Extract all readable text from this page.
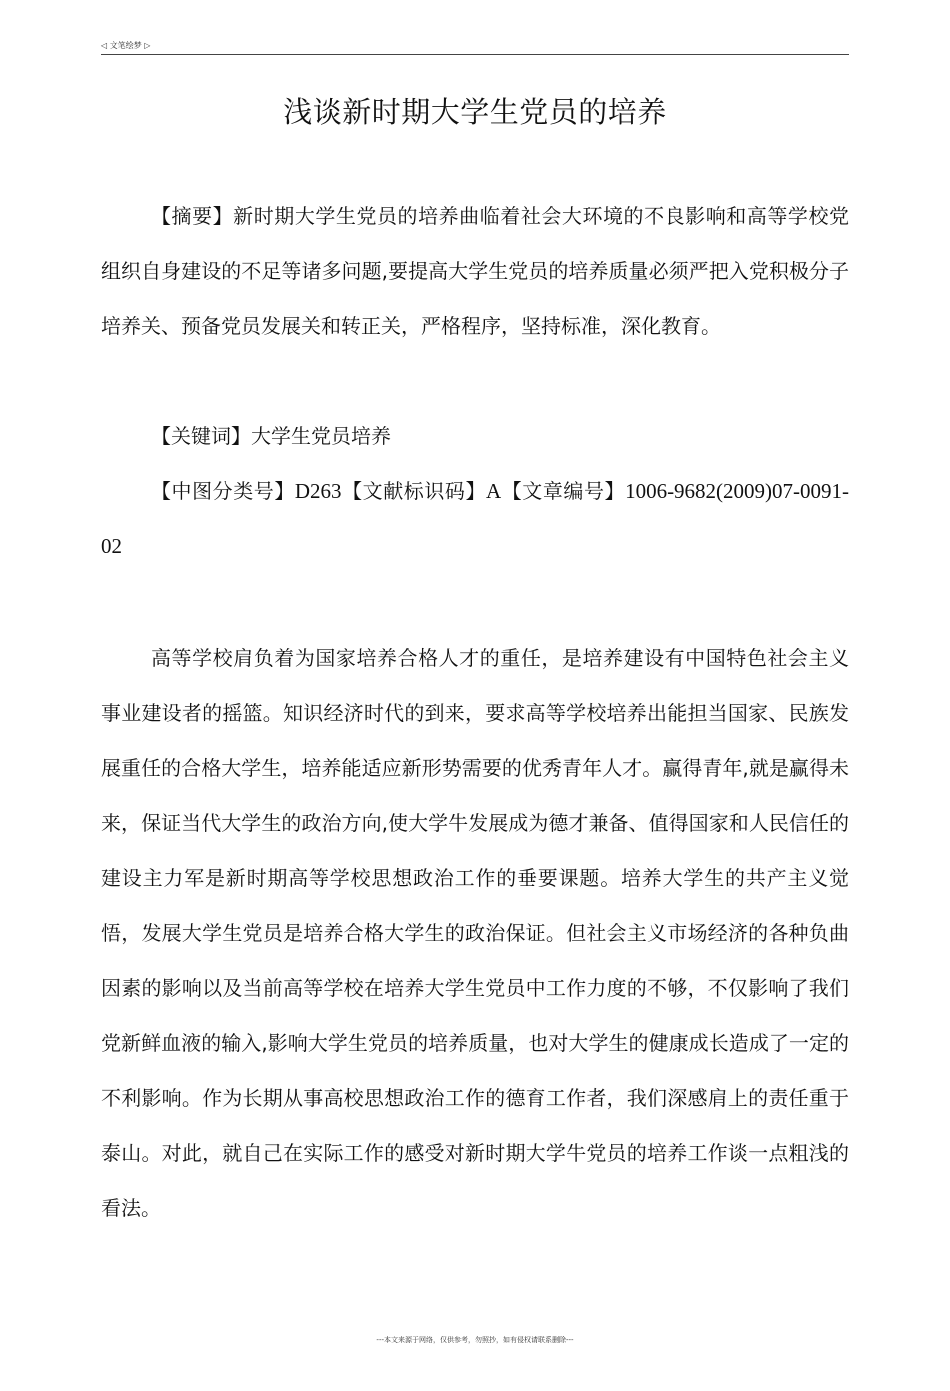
◁ 文笔绘梦 ▷
浅谈新时期大学生党员的培养

【摘要】新时期大学生党员的培养曲临着社会大环境的不良影响和高等学校党组织自身建设的不足等诸多问题,要提高大学生党员的培养质量必须严把入党积极分子培养关、预备党员发展关和转正关，严格程序，坚持标准，深化教育。

【关键词】大学生党员培养

【中图分类号】D263【文献标识码】A【文章编号】1006-9682(2009)07-0091-02

高等学校肩负着为国家培养合格人才的重任，是培养建设有中国特色社会主义事业建设者的摇篮。知识经济时代的到来，要求高等学校培养出能担当国家、民族发展重任的合格大学生，培养能适应新形势需要的优秀青年人才。赢得青年,就是赢得未来，保证当代大学生的政治方向,使大学牛发展成为德才兼备、值得国家和人民信任的建设主力军是新时期高等学校思想政治工作的垂要课题。培养大学生的共产主义觉悟，发展大学生党员是培养合格大学生的政治保证。但社会主义市场经济的各种负曲因素的影响以及当前高等学校在培养大学生党员中工作力度的不够，不仅影响了我们党新鲜血液的输入,影响大学生党员的培养质量，也对大学生的健康成长造成了一定的不利影响。作为长期从事高校思想政治工作的德育工作者，我们深感肩上的责任重于泰山。对此，就自己在实际工作的感受对新时期大学牛党员的培养工作谈一点粗浅的看法。

---本文来源于网络，仅供参考，勿照抄，如有侵权请联系删除---
